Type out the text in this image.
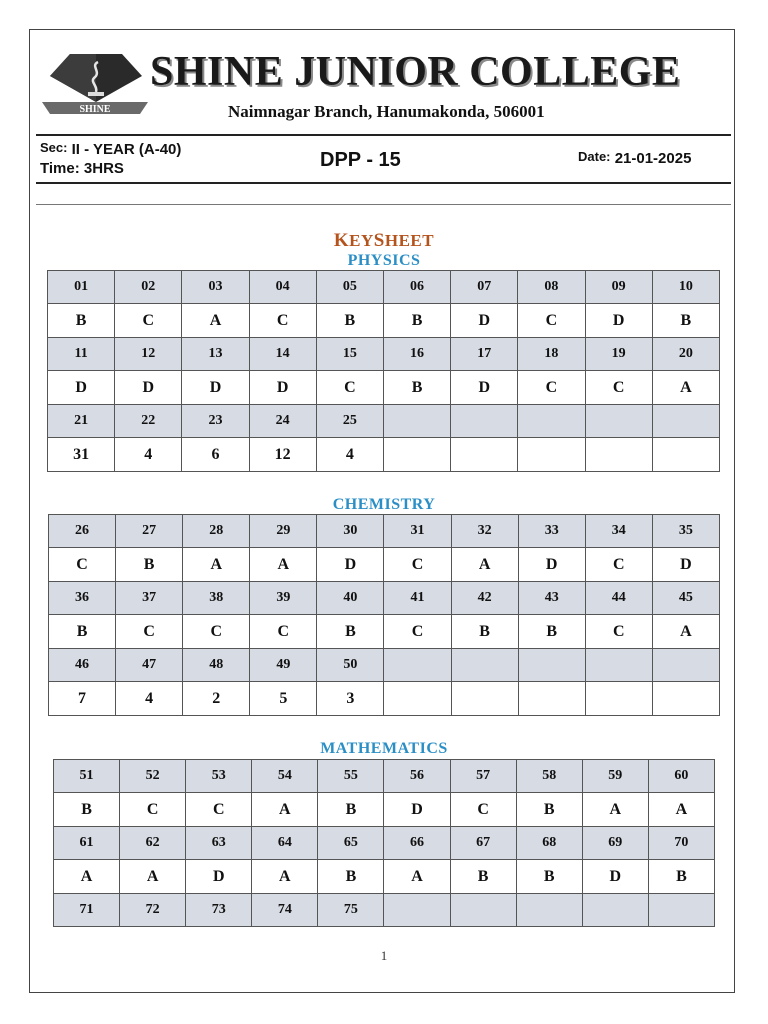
SHINE
SHINE JUNIOR COLLEGE
Naimnagar Branch, Hanumakonda, 506001
Sec: II - YEAR (A-40)
Time: 3HRS	DPP - 15	Date: 21-01-2025
KEYSHEET
PHYSICS
01	02	03	04	05	06	07	08	09	10
B	C	A	C	B	B	D	C	D	B
11	12	13	14	15	16	17	18	19	20
D	D	D	D	C	B	D	C	C	A
21	22	23	24	25					
31	4	6	12	4					
CHEMISTRY
26	27	28	29	30	31	32	33	34	35
C	B	A	A	D	C	A	D	C	D
36	37	38	39	40	41	42	43	44	45
B	C	C	C	B	C	B	B	C	A
46	47	48	49	50					
7	4	2	5	3					
MATHEMATICS
51	52	53	54	55	56	57	58	59	60
B	C	C	A	B	D	C	B	A	A
61	62	63	64	65	66	67	68	69	70
A	A	D	A	B	A	B	B	D	B
71	72	73	74	75					
1
